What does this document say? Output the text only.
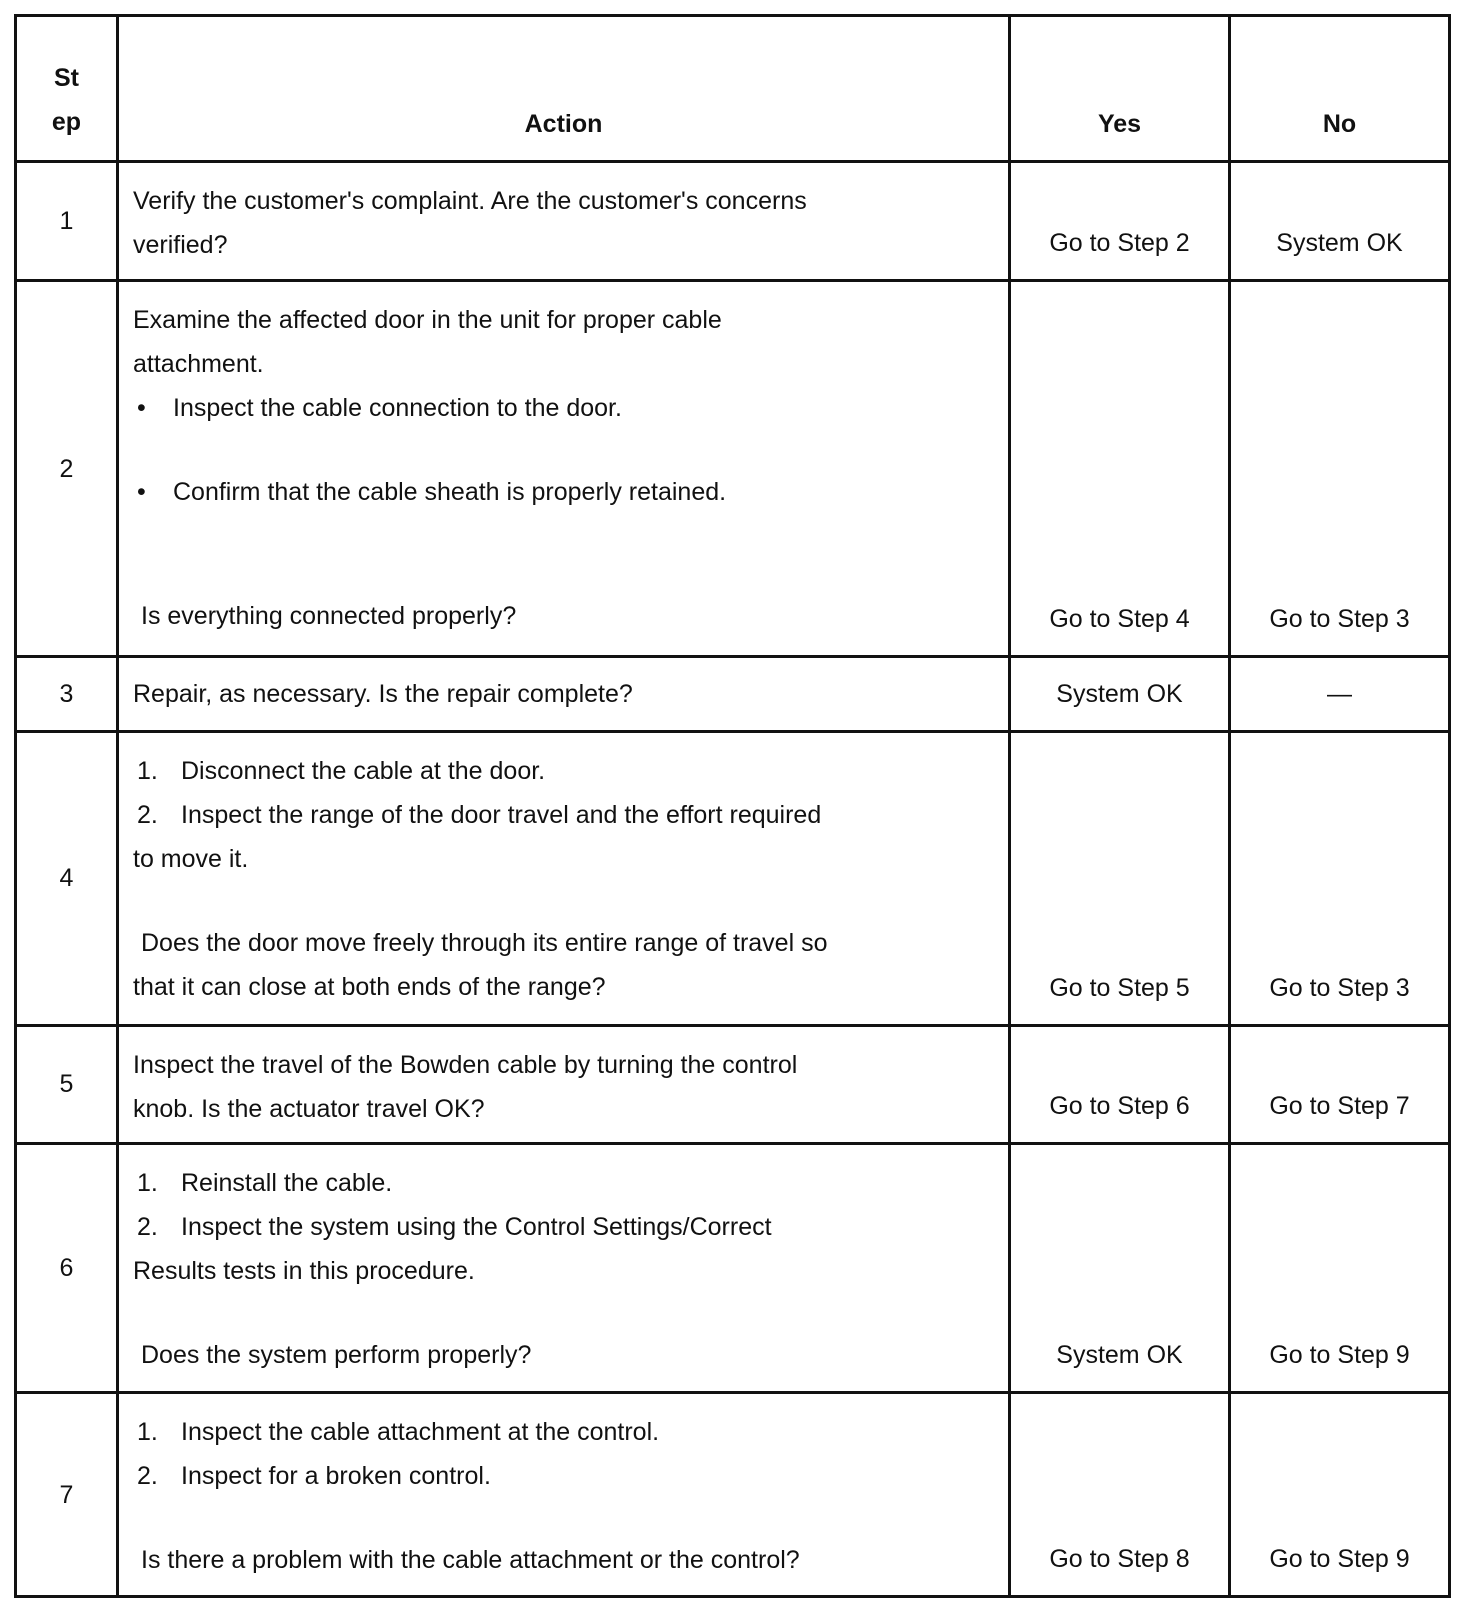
St
ep	Action	Yes	No
1	Verify the customer's complaint. Are the customer's concerns
verified?	Go to Step 2	System OK
2	Examine the affected door in the unit for proper cable
attachment.
• Inspect the cable connection to the door.
• Confirm that the cable sheath is properly retained.
Is everything connected properly?	Go to Step 4	Go to Step 3
3	Repair, as necessary. Is the repair complete?	System OK	—
4	1. Disconnect the cable at the door.
2. Inspect the range of the door travel and the effort required
to move it.
Does the door move freely through its entire range of travel so
that it can close at both ends of the range?	Go to Step 5	Go to Step 3
5	Inspect the travel of the Bowden cable by turning the control
knob. Is the actuator travel OK?	Go to Step 6	Go to Step 7
6	1. Reinstall the cable.
2. Inspect the system using the Control Settings/Correct
Results tests in this procedure.
Does the system perform properly?	System OK	Go to Step 9
7	1. Inspect the cable attachment at the control.
2. Inspect for a broken control.
Is there a problem with the cable attachment or the control?	Go to Step 8	Go to Step 9
